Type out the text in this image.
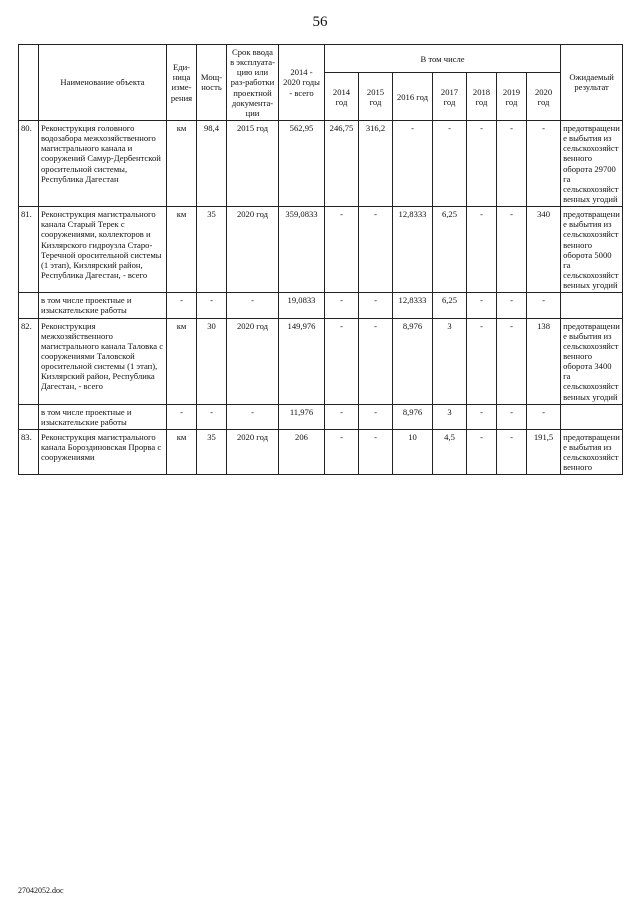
56
	Наименование объекта	Еди-ница изме-рения	Мощ-ность	Срок ввода в эксплуата-цию или раз-работки проектной документа-ции	2014 - 2020 годы - всего	В том числе							Ожидаемый результат
						2014 год	2015 год	2016 год	2017 год	2018 год	2019 год	2020 год	
80.	Реконструкция головного водозабора межхозяйственного магистрального канала и сооружений Самур-Дербентской оросительной системы, Республика Дагестан	км	98,4	2015 год	562,95	246,75	316,2	-	-	-	-	-	предотвращение выбытия из сельскохозяйственного оборота 29700 га сельскохозяйственных угодий
81.	Реконструкция магистрального канала Старый Терек с сооружениями, коллекторов и Кизлярского гидроузла Старо-Теречной оросительной системы (1 этап), Кизлярский район, Республика Дагестан, - всего	км	35	2020 год	359,0833	-	-	12,8333	6,25	-	-	340	предотвращение выбытия из сельскохозяйственного оборота 5000 га сельскохозяйственных угодий
	в том числе проектные и изыскательские работы	-	-	-	19,0833	-	-	12,8333	6,25	-	-	-	
82.	Реконструкция межхозяйственного магистрального канала Таловка с сооружениями Таловской оросительной системы (1 этап), Кизлярский район, Республика Дагестан, - всего	км	30	2020 год	149,976	-	-	8,976	3	-	-	138	предотвращение выбытия из сельскохозяйственного оборота 3400 га сельскохозяйственных угодий
	в том числе проектные и изыскательские работы	-	-	-	11,976	-	-	8,976	3	-	-	-	
83.	Реконструкция магистрального канала Бороздиновская Прорва с сооружениями	км	35	2020 год	206	-	-	10	4,5	-	-	191,5	предотвращение выбытия из сельскохозяйственного
27042052.doc
